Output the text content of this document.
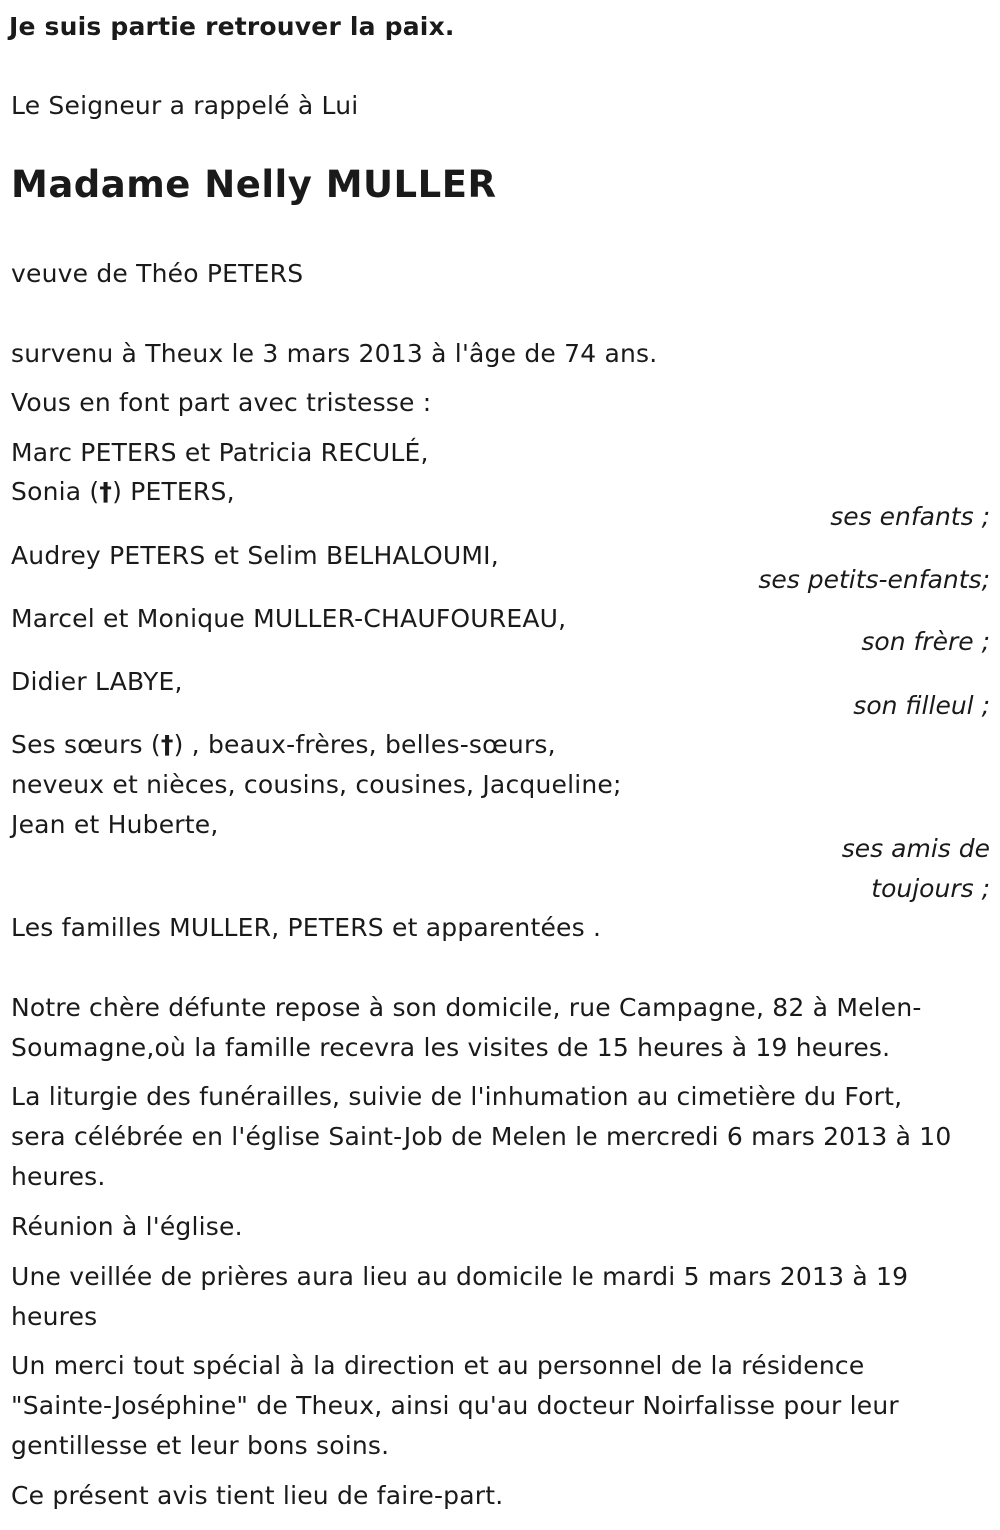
Je suis partie retrouver la paix.

Le Seigneur a rappelé à Lui

Madame Nelly MULLER

veuve de Théo PETERS

survenu à Theux le 3 mars 2013 à l'âge de 74 ans.

Vous en font part avec tristesse :

Marc PETERS et Patricia RECULÉ,

Sonia (†) PETERS,

ses enfants ;

Audrey PETERS et Selim BELHALOUMI,

ses petits-enfants;

Marcel et Monique MULLER-CHAUFOUREAU,

son frère ;

Didier LABYE,

son filleul ;

Ses sœurs (†) , beaux-frères, belles-sœurs,

neveux et nièces, cousins, cousines, Jacqueline;

Jean et Huberte,

ses amis de

toujours ;

Les familles MULLER, PETERS et apparentées .

Notre chère défunte repose à son domicile, rue Campagne, 82 à Melen-

Soumagne,où la famille recevra les visites de 15 heures à 19 heures.

La liturgie des funérailles, suivie de l'inhumation au cimetière du Fort,

sera célébrée en l'église Saint-Job de Melen le mercredi 6 mars 2013 à 10

heures.

Réunion à l'église.

Une veillée de prières aura lieu au domicile le mardi 5 mars 2013 à 19

heures

Un merci tout spécial à la direction et au personnel de la résidence

"Sainte-Joséphine" de Theux, ainsi qu'au docteur Noirfalisse pour leur

gentillesse et leur bons soins.

Ce présent avis tient lieu de faire-part.
